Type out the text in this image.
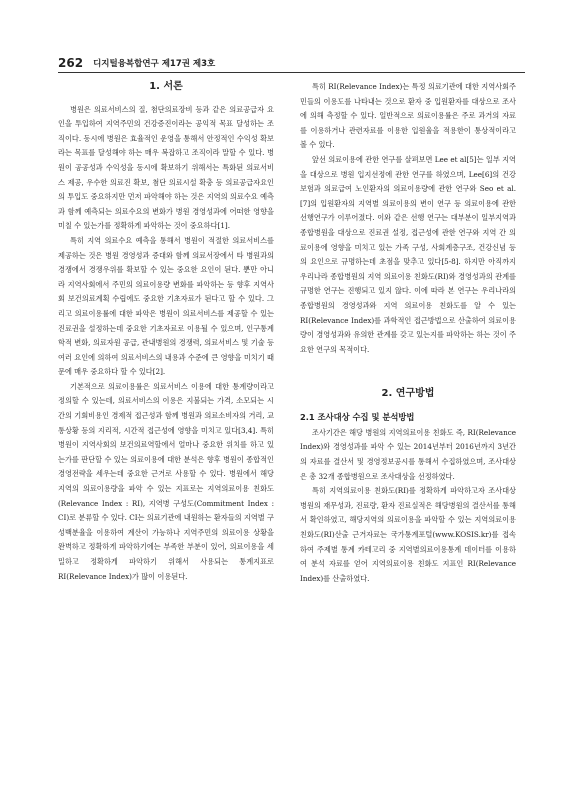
262 디지털융복합연구 제17권 제3호
1. 서론

병원은 의료서비스의 질, 첨단의료장비 등과 같은 의료공급자 요인을 투입하여 지역주민의 건강증진이라는 공익적 목표 달성하는 조직이다. 동시에 병원은 효율적인 운영을 통해서 안정적인 수익성 확보라는 목표를 달성해야 하는 매우 복잡하고 조직이라 말할 수 있다. 병원이 공공성과 수익성을 동시에 확보하기 위해서는 특화된 의료서비스 제공, 우수한 의료진 확보, 첨단 의료시설 확충 등 의료공급자요인의 투입도 중요하지만 먼저 파악해야 하는 것은 지역의 의료수요 예측과 함께 예측되는 의료수요의 변화가 병원 경영성과에 어떠한 영향을 미칠 수 있는가를 정확하게 파악하는 것이 중요하다[1].

특히 지역 의료수요 예측을 통해서 병원이 적절한 의료서비스를 제공하는 것은 병원 경영성과 증대와 함께 의료서장에서 타 병원과의 경쟁에서 경쟁우위를 확보할 수 있는 중요한 요인이 된다. 뿐만 아니라 지역사회에서 주민의 의료이용량 변화를 파악하는 등 향후 지역사회 보건의료계획 수립에도 중요한 기초자료가 된다고 할 수 있다. 그리고 의료이용률에 대한 파악은 병원이 의료서비스를 제공할 수 있는 진료권을 설정하는데 중요한 기초자료로 이용될 수 있으며, 인구통계학적 변화, 의료자원 공급, 관내병원의 경쟁력, 의료서비스 및 기술 등 여러 요인에 의하여 의료서비스의 내용과 수준에 큰 영향을 미치기 때문에 매우 중요하다 할 수 있다[2].

기본적으로 의료이용률은 의료서비스 이용에 대한 통계량이라고 정의할 수 있는데, 의료서비스의 이용은 지불되는 가격, 소모되는 시간의 기회비용인 경제적 접근성과 함께 병원과 의료소비자의 거리, 교통상황 등의 지리적, 시간적 접근성에 영향을 미치고 있다[3,4]. 특히 병원이 지역사회의 보건의료역할에서 얼마나 중요한 위치를 하고 있는가를 판단할 수 있는 의료이용에 대한 분석은 향후 병원이 종합적인 경영전략을 세우는데 중요한 근거로 사용할 수 있다. 병원에서 해당 지역의 의료이용량을 파악 수 있는 지표로는 지역의료이용 친화도(Relevance Index : RI), 지역병 구성도(Commitment Index : CI)로 분류할 수 있다. CI는 의료기관에 내원하는 환자들의 지역별 구성백분율을 이용하여 계산이 가능하나 지역주민의 의료이용 상황을 완벽하고 정확하게 파악하기에는 부족한 부분이 있어, 의료이용을 세밀하고 정확하게 파악하기 위해서 사용되는 통계지표로 RI(Relevance Index)가 많이 이용된다.

특히 RI(Relevance Index)는 특정 의료기관에 대한 지역사회주민들의 이용도를 나타내는 것으로 환자 중 입원환자를 대상으로 조사에 의해 측정할 수 있다. 일반적으로 의료이용률은 주로 과거의 자료를 이용하거나 관련자료를 이용한 입원율을 적용한이 통상적이라고 볼 수 있다.

앞선 의료이용에 관한 연구를 살펴보면 Lee et al[5]는 일부 지역을 대상으로 병원 입지선정에 관한 연구를 하였으며, Lee[6]의 건강보험과 의료급여 노인환자의 의료이용량에 관한 연구와 Seo et al.[7]의 입원환자의 지역별 의료이용의 변이 연구 등 의료이용에 관한 선행연구가 이루어졌다. 이와 같은 선행 연구는 대부분이 일부지역과 종합병원을 대상으로 진료권 설정, 접근성에 관한 연구와 지역 간 의료이용에 영향을 미치고 있는 가족 구성, 사회계층구조, 건강신념 등의 요인으로 규명하는데 초점을 맞추고 있다[5-8]. 하지만 아직까지 우리나라 종합병원의 지역 의료이용 친화도(RI)와 경영성과의 관계를 규명한 연구는 진행되고 있지 않다. 이에 따라 본 연구는 우리나라의 종합병원의 경영성과와 지역 의료이용 친화도를 알 수 있는 RI(Relevance Index)를 과학적인 접근방법으로 산출하여 의료이용량이 경영성과와 유의한 관계를 갖고 있는지를 파악하는 하는 것이 주요한 연구의 목적이다.

2. 연구방법
2.1 조사대상 수집 및 분석방법

조사기간은 해당 병원의 지역의료이용 친화도 즉, RI(Relevance Index)와 경영성과를 파악 수 있는 2014년부터 2016년까지 3년간의 자료를 결산서 및 경영정보공시를 통해서 수집하였으며, 조사대상은 총 32개 종합병원으로 조사대상을 선정하였다.

특히 지역의료이용 친화도(RI)를 정확하게 파악하고자 조사대상 병원의 재무성과, 진료량, 환자 진료실적은 해당병원의 결산서를 통해서 확인하였고, 해당지역의 의료이용을 파악할 수 있는 지역의료이용 친화도(RI)산출 근거자료는 국가통계포털(www.KOSIS.kr)를 접속하여 주제별 통계 카테고리 중 지역별의료이용통계 데이터를 이용하여 분석 자료를 얻어 지역의료이용 친화도 지표인 RI(Relevance Index)를 산출하였다.
